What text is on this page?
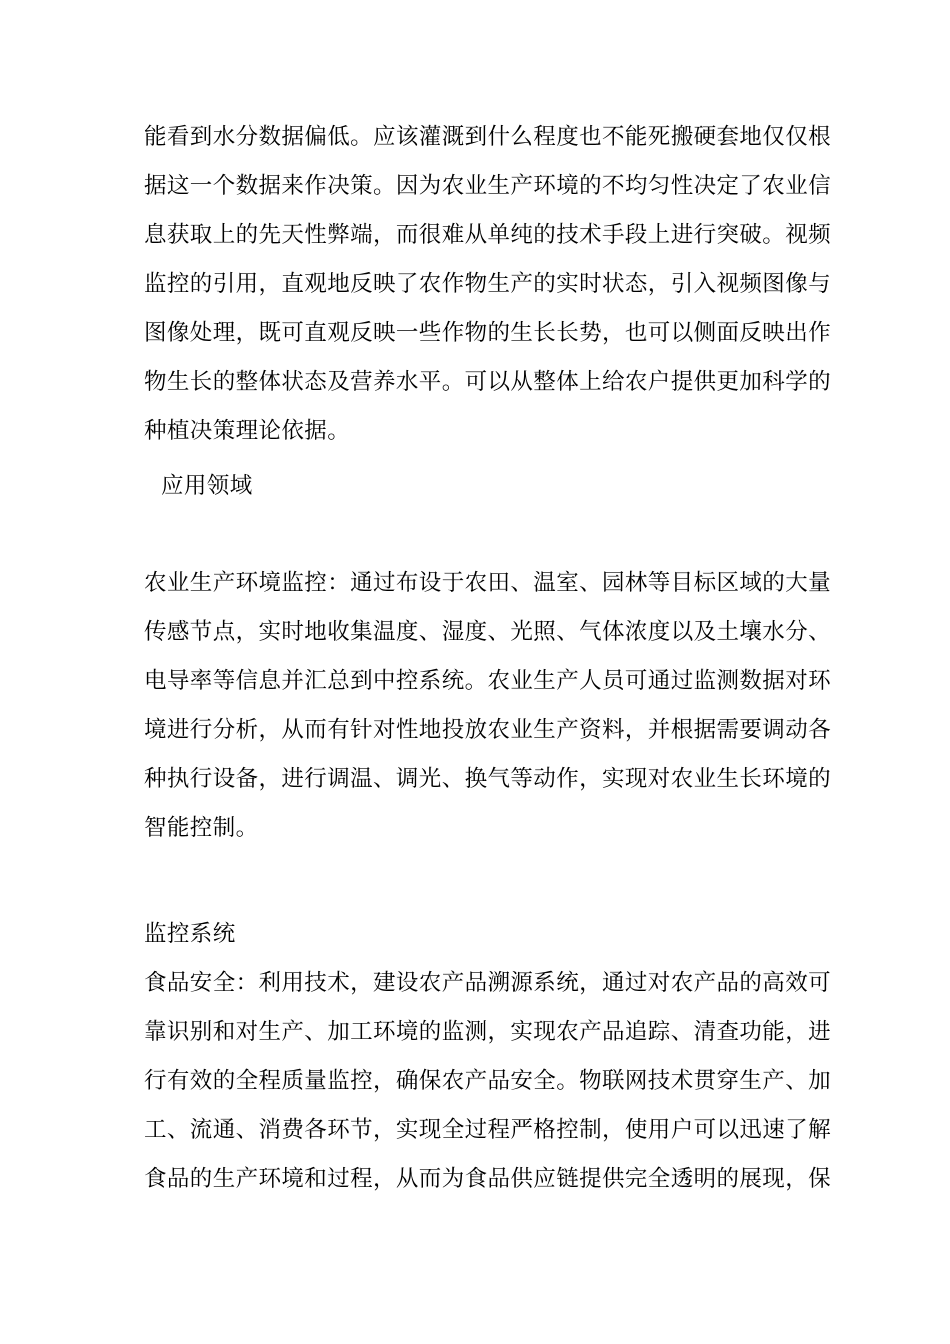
能看到水分数据偏低。应该灌溉到什么程度也不能死搬硬套地仅仅根
据这一个数据来作决策。因为农业生产环境的不均匀性决定了农业信
息获取上的先天性弊端，而很难从单纯的技术手段上进行突破。视频
监控的引用，直观地反映了农作物生产的实时状态，引入视频图像与
图像处理，既可直观反映一些作物的生长长势，也可以侧面反映出作
物生长的整体状态及营养水平。可以从整体上给农户提供更加科学的
种植决策理论依据。
应用领域
农业生产环境监控：通过布设于农田、温室、园林等目标区域的大量
传感节点，实时地收集温度、湿度、光照、气体浓度以及土壤水分、
电导率等信息并汇总到中控系统。农业生产人员可通过监测数据对环
境进行分析，从而有针对性地投放农业生产资料，并根据需要调动各
种执行设备，进行调温、调光、换气等动作，实现对农业生长环境的
智能控制。
监控系统
食品安全：利用技术，建设农产品溯源系统，通过对农产品的高效可
靠识别和对生产、加工环境的监测，实现农产品追踪、清查功能，进
行有效的全程质量监控，确保农产品安全。物联网技术贯穿生产、加
工、流通、消费各环节，实现全过程严格控制，使用户可以迅速了解
食品的生产环境和过程，从而为食品供应链提供完全透明的展现，保
